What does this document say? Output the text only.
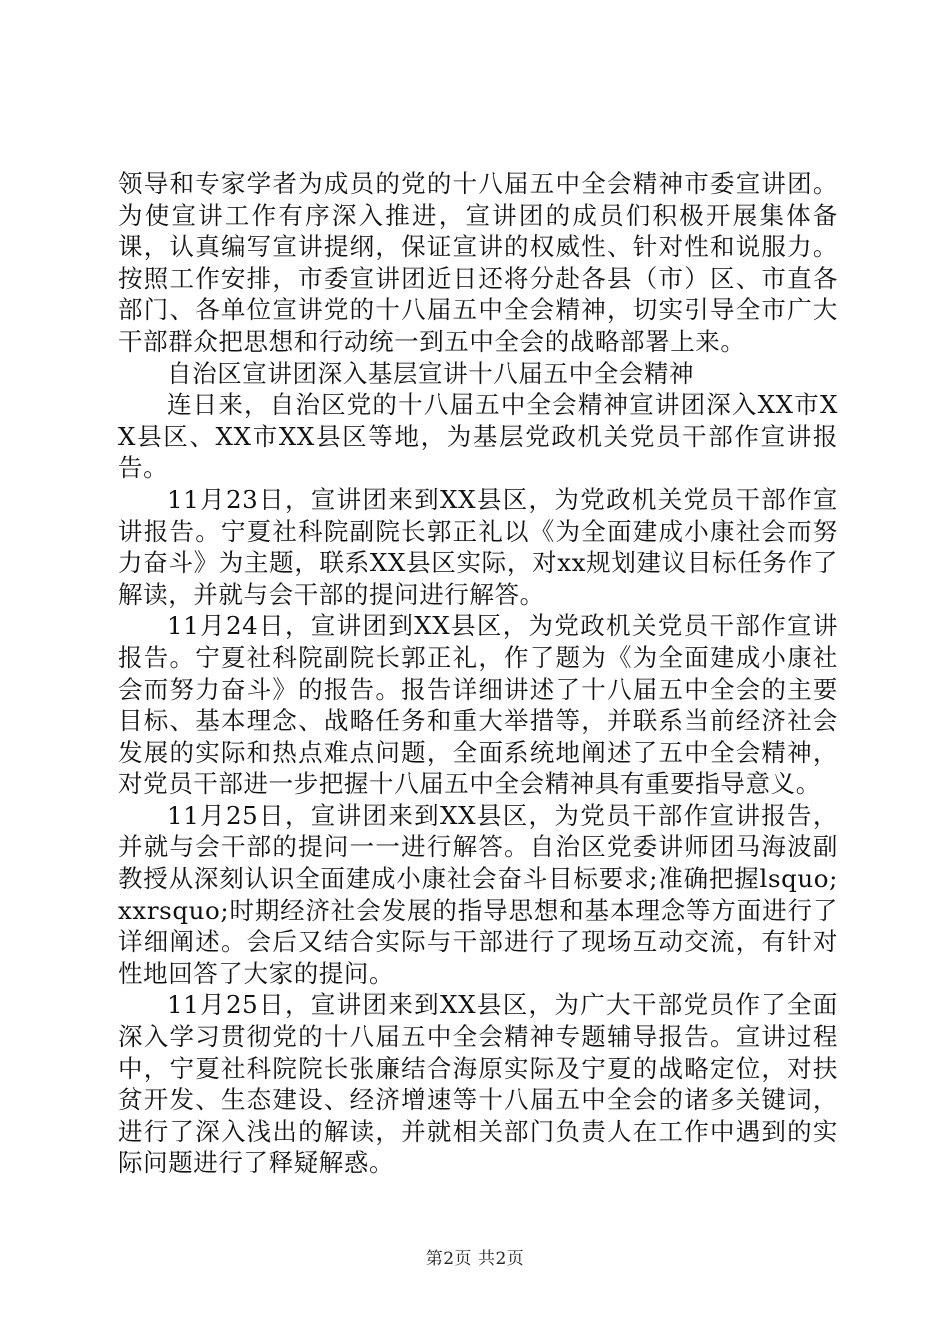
领导和专家学者为成员的党的十八届五中全会精神市委宣讲团。为使宣讲工作有序深入推进，宣讲团的成员们积极开展集体备课，认真编写宣讲提纲，保证宣讲的权威性、针对性和说服力。按照工作安排，市委宣讲团近日还将分赴各县（市）区、市直各部门、各单位宣讲党的十八届五中全会精神，切实引导全市广大干部群众把思想和行动统一到五中全会的战略部署上来。

自治区宣讲团深入基层宣讲十八届五中全会精神

连日来，自治区党的十八届五中全会精神宣讲团深入XX市XX县区、XX市XX县区等地，为基层党政机关党员干部作宣讲报告。

11月23日，宣讲团来到XX县区，为党政机关党员干部作宣讲报告。宁夏社科院副院长郭正礼以《为全面建成小康社会而努力奋斗》为主题，联系XX县区实际，对xx规划建议目标任务作了解读，并就与会干部的提问进行解答。

11月24日，宣讲团到XX县区，为党政机关党员干部作宣讲报告。宁夏社科院副院长郭正礼，作了题为《为全面建成小康社会而努力奋斗》的报告。报告详细讲述了十八届五中全会的主要目标、基本理念、战略任务和重大举措等，并联系当前经济社会发展的实际和热点难点问题，全面系统地阐述了五中全会精神，对党员干部进一步把握十八届五中全会精神具有重要指导意义。

11月25日，宣讲团来到XX县区，为党员干部作宣讲报告，并就与会干部的提问一一进行解答。自治区党委讲师团马海波副教授从深刻认识全面建成小康社会奋斗目标要求;准确把握lsquo;xxrsquo;时期经济社会发展的指导思想和基本理念等方面进行了详细阐述。会后又结合实际与干部进行了现场互动交流，有针对性地回答了大家的提问。

11月25日，宣讲团来到XX县区，为广大干部党员作了全面深入学习贯彻党的十八届五中全会精神专题辅导报告。宣讲过程中，宁夏社科院院长张廉结合海原实际及宁夏的战略定位，对扶贫开发、生态建设、经济增速等十八届五中全会的诸多关键词，进行了深入浅出的解读，并就相关部门负责人在工作中遇到的实际问题进行了释疑解惑。

第2页 共2页
